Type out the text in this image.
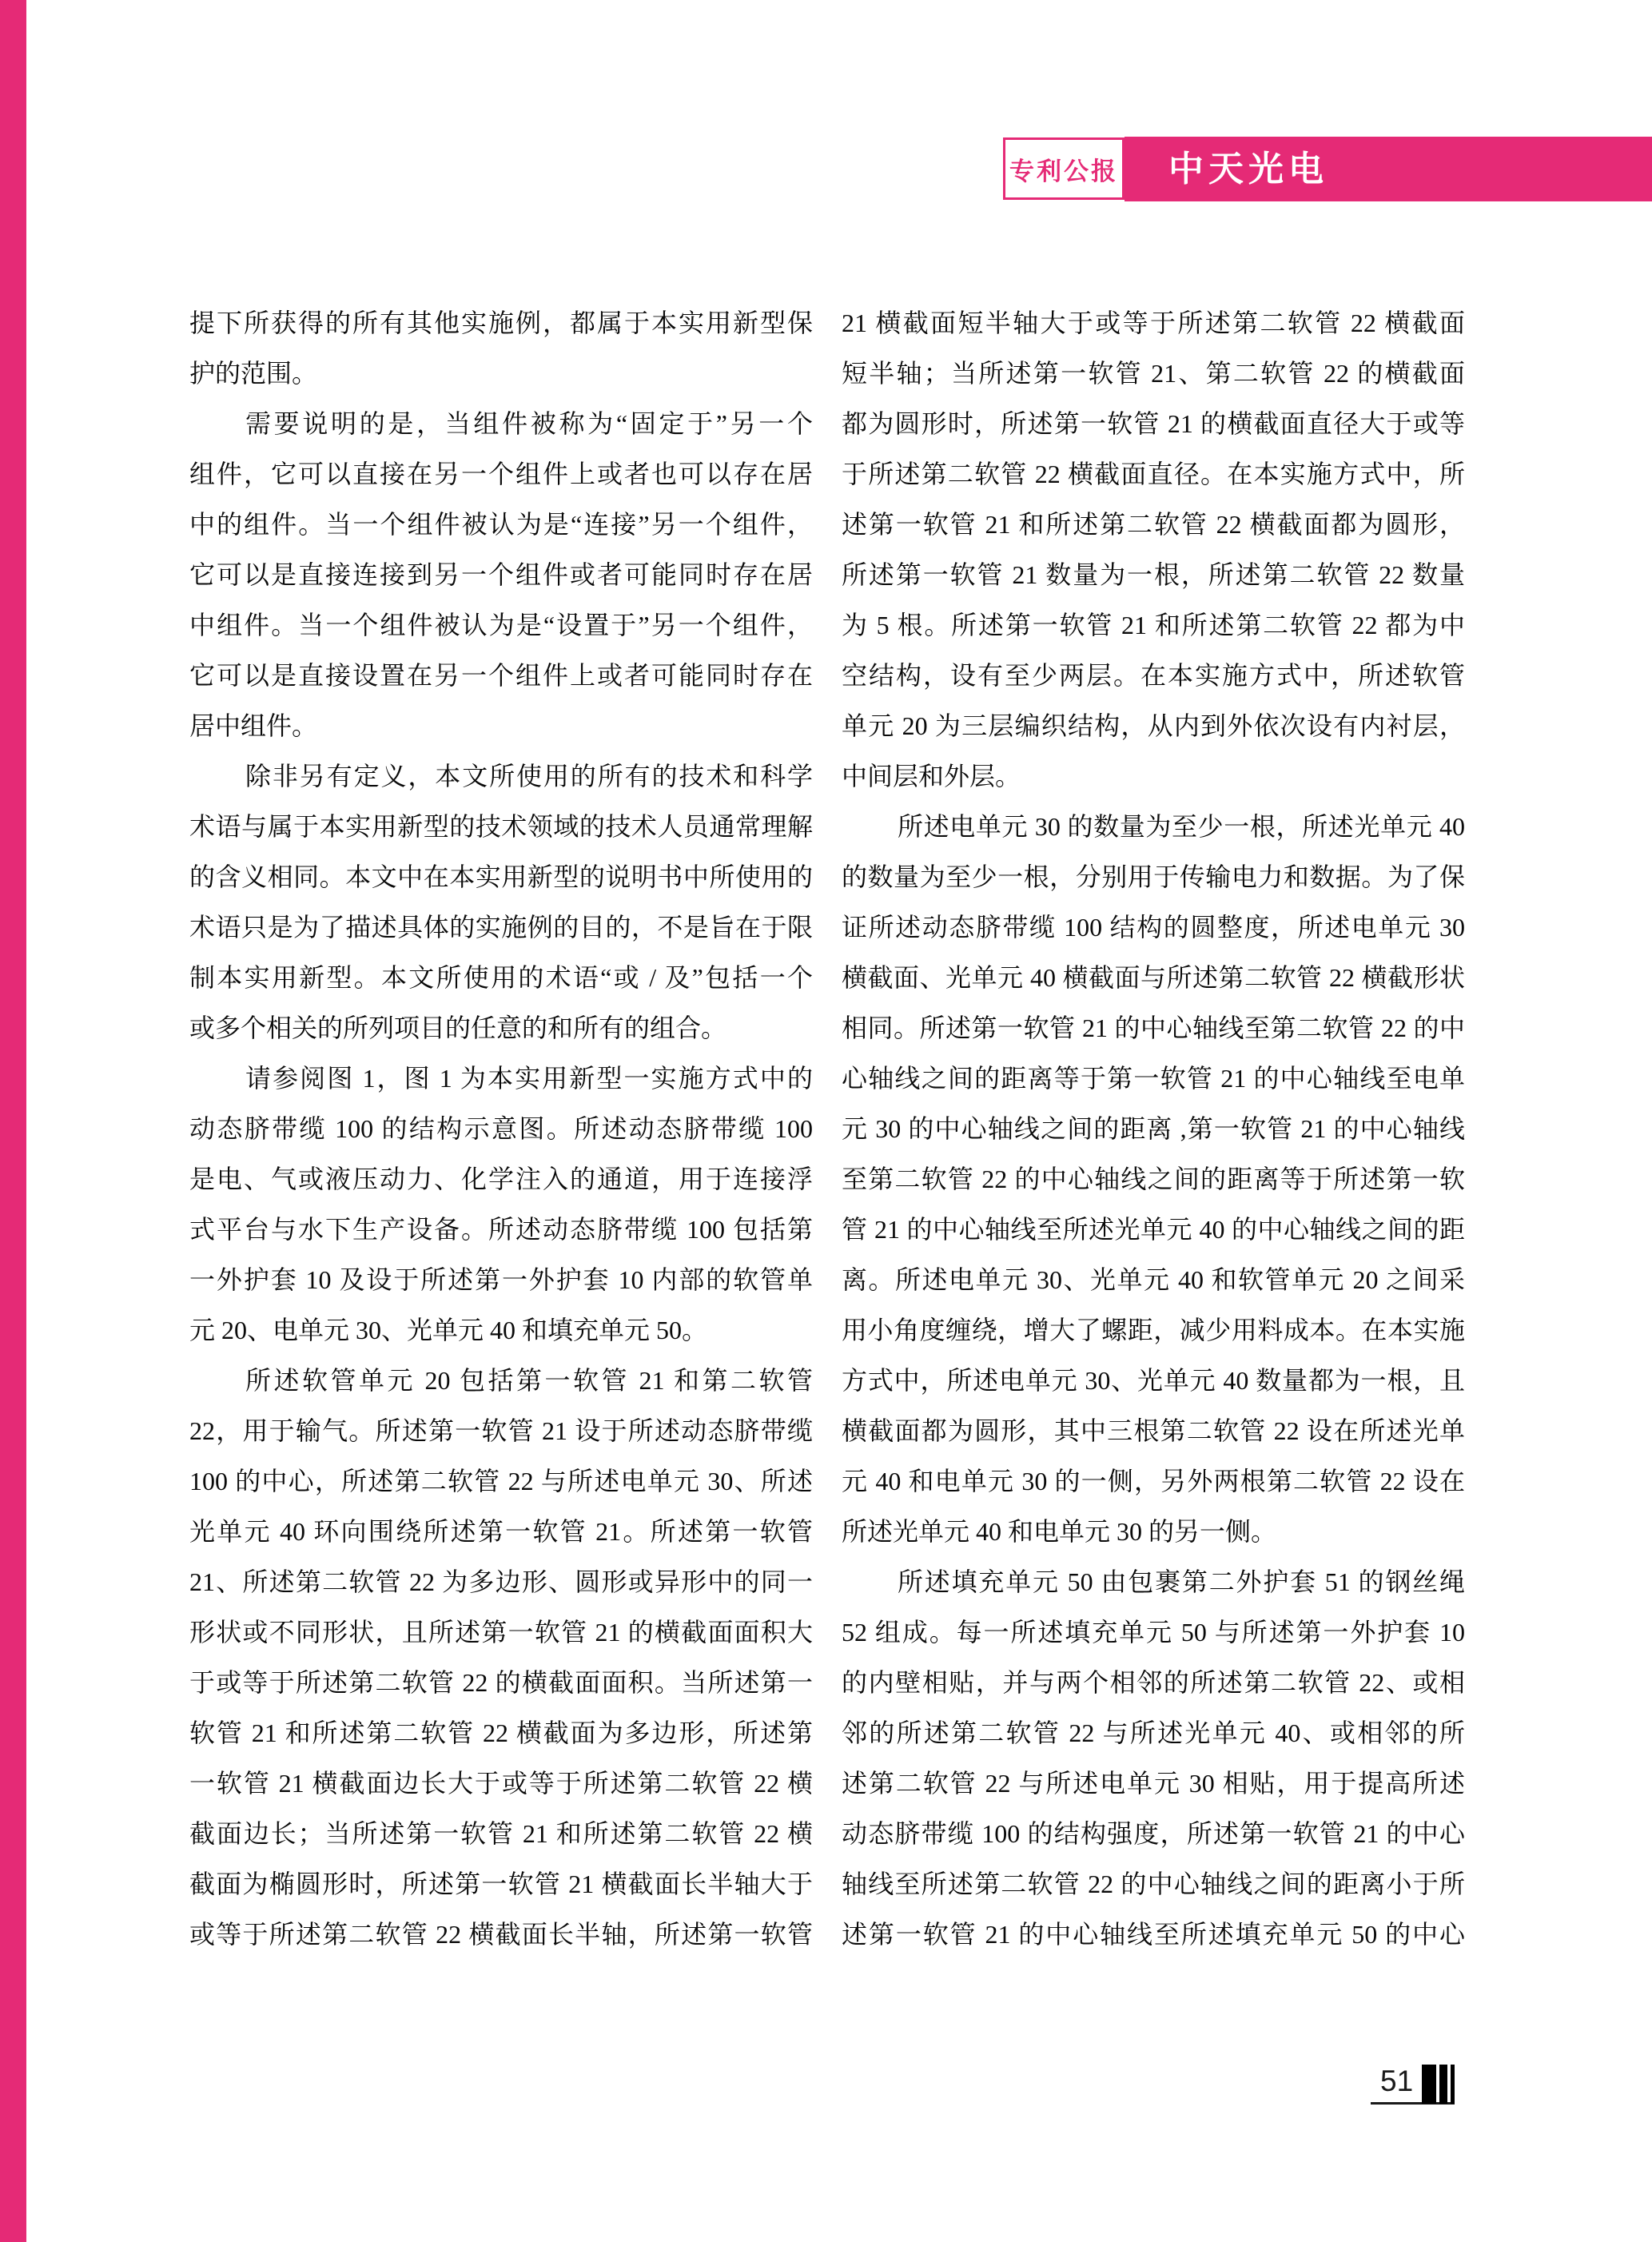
专利公报 中天光电
提下所获得的所有其他实施例，都属于本实用新型保
护的范围。
需要说明的是，当组件被称为“固定于”另一个
组件，它可以直接在另一个组件上或者也可以存在居
中的组件。当一个组件被认为是“连接”另一个组件，
它可以是直接连接到另一个组件或者可能同时存在居
中组件。当一个组件被认为是“设置于”另一个组件，
它可以是直接设置在另一个组件上或者可能同时存在
居中组件。
除非另有定义，本文所使用的所有的技术和科学
术语与属于本实用新型的技术领域的技术人员通常理解
的含义相同。本文中在本实用新型的说明书中所使用的
术语只是为了描述具体的实施例的目的，不是旨在于限
制本实用新型。本文所使用的术语“或 / 及”包括一个
或多个相关的所列项目的任意的和所有的组合。
请参阅图 1，图 1 为本实用新型一实施方式中的
动态脐带缆 100 的结构示意图。所述动态脐带缆 100
是电、气或液压动力、化学注入的通道，用于连接浮
式平台与水下生产设备。所述动态脐带缆 100 包括第
一外护套 10 及设于所述第一外护套 10 内部的软管单
元 20、电单元 30、光单元 40 和填充单元 50。
所述软管单元 20 包括第一软管 21 和第二软管
22，用于输气。所述第一软管 21 设于所述动态脐带缆
100 的中心，所述第二软管 22 与所述电单元 30、所述
光单元 40 环向围绕所述第一软管 21。所述第一软管
21、所述第二软管 22 为多边形、圆形或异形中的同一
形状或不同形状，且所述第一软管 21 的横截面面积大
于或等于所述第二软管 22 的横截面面积。当所述第一
软管 21 和所述第二软管 22 横截面为多边形，所述第
一软管 21 横截面边长大于或等于所述第二软管 22 横
截面边长；当所述第一软管 21 和所述第二软管 22 横
截面为椭圆形时，所述第一软管 21 横截面长半轴大于
或等于所述第二软管 22 横截面长半轴，所述第一软管
21 横截面短半轴大于或等于所述第二软管 22 横截面
短半轴；当所述第一软管 21、第二软管 22 的横截面
都为圆形时，所述第一软管 21 的横截面直径大于或等
于所述第二软管 22 横截面直径。在本实施方式中，所
述第一软管 21 和所述第二软管 22 横截面都为圆形，
所述第一软管 21 数量为一根，所述第二软管 22 数量
为 5 根。所述第一软管 21 和所述第二软管 22 都为中
空结构，设有至少两层。在本实施方式中，所述软管
单元 20 为三层编织结构，从内到外依次设有内衬层，
中间层和外层。
所述电单元 30 的数量为至少一根，所述光单元 40
的数量为至少一根，分别用于传输电力和数据。为了保
证所述动态脐带缆 100 结构的圆整度，所述电单元 30
横截面、光单元 40 横截面与所述第二软管 22 横截形状
相同。所述第一软管 21 的中心轴线至第二软管 22 的中
心轴线之间的距离等于第一软管 21 的中心轴线至电单
元 30 的中心轴线之间的距离 ,第一软管 21 的中心轴线
至第二软管 22 的中心轴线之间的距离等于所述第一软
管 21 的中心轴线至所述光单元 40 的中心轴线之间的距
离。所述电单元 30、光单元 40 和软管单元 20 之间采
用小角度缠绕，增大了螺距，减少用料成本。在本实施
方式中，所述电单元 30、光单元 40 数量都为一根，且
横截面都为圆形，其中三根第二软管 22 设在所述光单
元 40 和电单元 30 的一侧，另外两根第二软管 22 设在
所述光单元 40 和电单元 30 的另一侧。
所述填充单元 50 由包裹第二外护套 51 的钢丝绳
52 组成。每一所述填充单元 50 与所述第一外护套 10
的内壁相贴，并与两个相邻的所述第二软管 22、或相
邻的所述第二软管 22 与所述光单元 40、或相邻的所
述第二软管 22 与所述电单元 30 相贴，用于提高所述
动态脐带缆 100 的结构强度，所述第一软管 21 的中心
轴线至所述第二软管 22 的中心轴线之间的距离小于所
述第一软管 21 的中心轴线至所述填充单元 50 的中心
51
